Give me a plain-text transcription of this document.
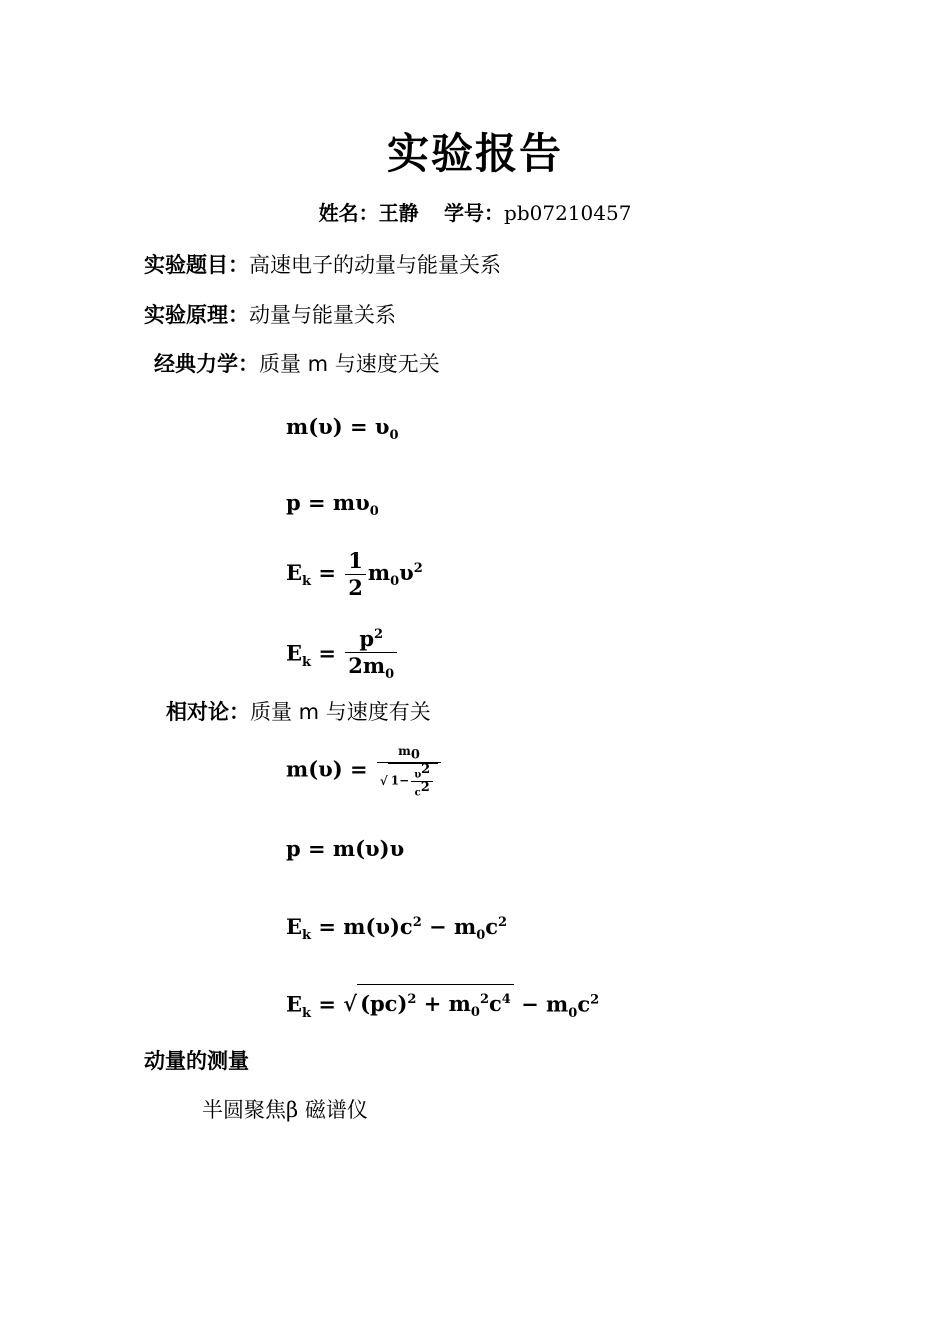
实验报告
姓名：王静 学号：pb07210457
实验题目：高速电子的动量与能量关系
实验原理：动量与能量关系
经典力学：质量 m 与速度无关
$m(\upsilon) = \upsilon_0$
$p = m\upsilon_0$
$E_k = \frac{1}{2} m_0\upsilon^2$
$E_k = \frac{p^2}{2m_0}$
相对论：质量 m 与速度有关
$m(\upsilon) = \frac{m_0}{√ 1- \frac{\upsilon^2}{c^2}}$
p = m(υ)υ
$E_k = m(\upsilon)c^2 - m_0c^2$
$E_k$ = √ $(pc)^2 + m_0^2c^4 - m_0c^2$
动量的测量
半圆聚焦β 磁谱仪
